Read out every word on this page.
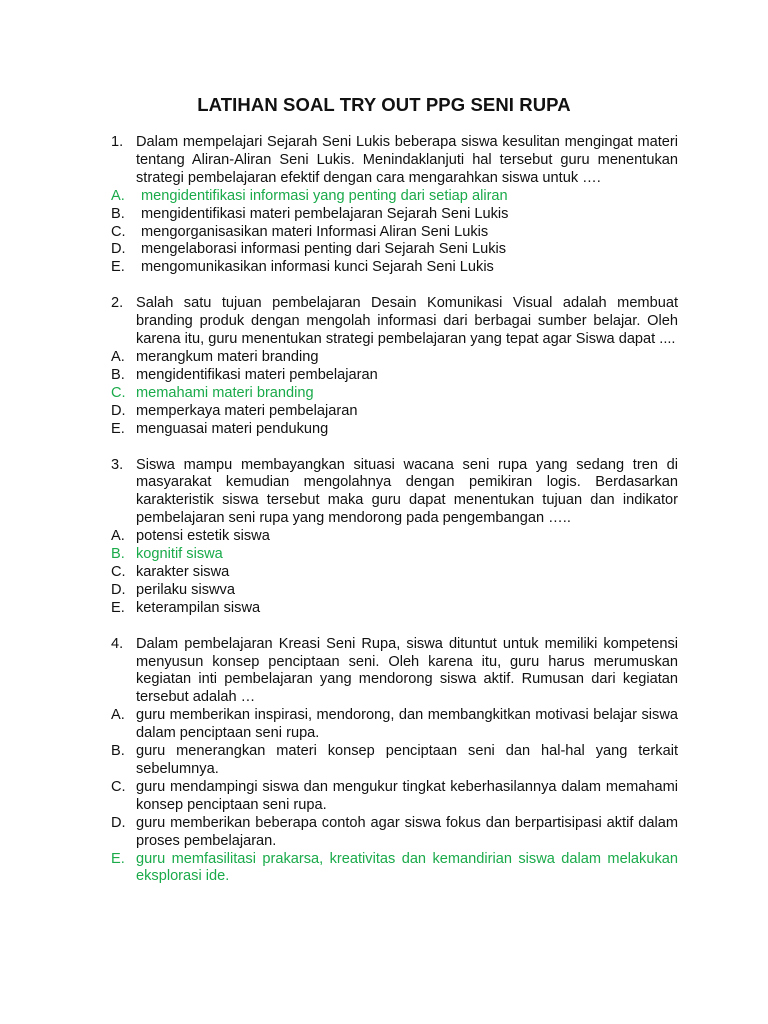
LATIHAN SOAL TRY OUT PPG SENI RUPA
1. Dalam mempelajari Sejarah Seni Lukis beberapa siswa kesulitan mengingat materi tentang Aliran-Aliran Seni Lukis. Menindaklanjuti hal tersebut guru menentukan strategi pembelajaran efektif dengan cara mengarahkan siswa untuk ….
A.	mengidentifikasi informasi yang penting dari setiap aliran
B.	mengidentifikasi materi pembelajaran Sejarah Seni Lukis
C.	mengorganisasikan materi Informasi Aliran Seni Lukis
D.	mengelaborasi informasi penting dari Sejarah Seni Lukis
E.	mengomunikasikan informasi kunci Sejarah Seni Lukis
2. Salah satu tujuan pembelajaran Desain Komunikasi Visual adalah membuat branding produk dengan mengolah informasi dari berbagai sumber belajar. Oleh karena itu, guru menentukan strategi pembelajaran yang tepat agar Siswa dapat ....
A. merangkum materi branding
B. mengidentifikasi materi pembelajaran
C. memahami materi branding
D. memperkaya materi pembelajaran
E. menguasai materi pendukung
3. Siswa mampu membayangkan situasi wacana seni rupa yang sedang tren di masyarakat kemudian mengolahnya dengan pemikiran logis. Berdasarkan karakteristik siswa tersebut maka guru dapat menentukan tujuan dan indikator pembelajaran seni rupa yang mendorong pada pengembangan …..
A. potensi estetik siswa
B. kognitif siswa
C. karakter siswa
D. perilaku siswva
E. keterampilan siswa
4. Dalam pembelajaran Kreasi Seni Rupa, siswa dituntut untuk memiliki kompetensi menyusun konsep penciptaan seni. Oleh karena itu, guru harus merumuskan kegiatan inti pembelajaran yang mendorong siswa aktif. Rumusan dari kegiatan tersebut adalah …
A. guru memberikan inspirasi, mendorong, dan membangkitkan motivasi belajar siswa dalam penciptaan seni rupa.
B. guru menerangkan materi konsep penciptaan seni dan hal-hal yang terkait sebelumnya.
C. guru mendampingi siswa dan mengukur tingkat keberhasilannya dalam memahami konsep penciptaan seni rupa.
D. guru memberikan beberapa contoh agar siswa fokus dan berpartisipasi aktif dalam proses pembelajaran.
E. guru memfasilitasi prakarsa, kreativitas dan kemandirian siswa dalam melakukan eksplorasi ide.
